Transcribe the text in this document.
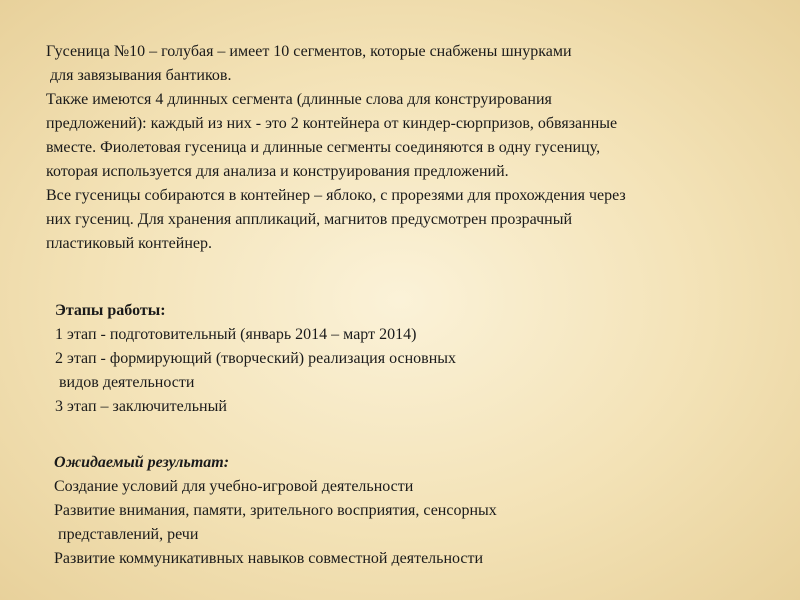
Гусеница №10 – голубая – имеет 10 сегментов, которые снабжены шнурками
для завязывания бантиков.
Также имеются 4 длинных сегмента (длинные слова для конструирования
предложений): каждый из них - это 2 контейнера от киндер-сюрпризов, обвязанные
вместе. Фиолетовая гусеница и длинные сегменты соединяются в одну гусеницу,
которая используется для анализа и конструирования предложений.
Все гусеницы собираются в контейнер – яблоко, с прорезями для прохождения через
них гусениц. Для хранения аппликаций, магнитов предусмотрен прозрачный
пластиковый контейнер.
Этапы работы:
1 этап - подготовительный (январь 2014 – март 2014)
2 этап - формирующий (творческий) реализация основных
видов деятельности
3 этап – заключительный
Ожидаемый результат:
Создание условий для учебно-игровой деятельности
Развитие внимания, памяти, зрительного восприятия, сенсорных
представлений, речи
Развитие коммуникативных навыков совместной деятельности
